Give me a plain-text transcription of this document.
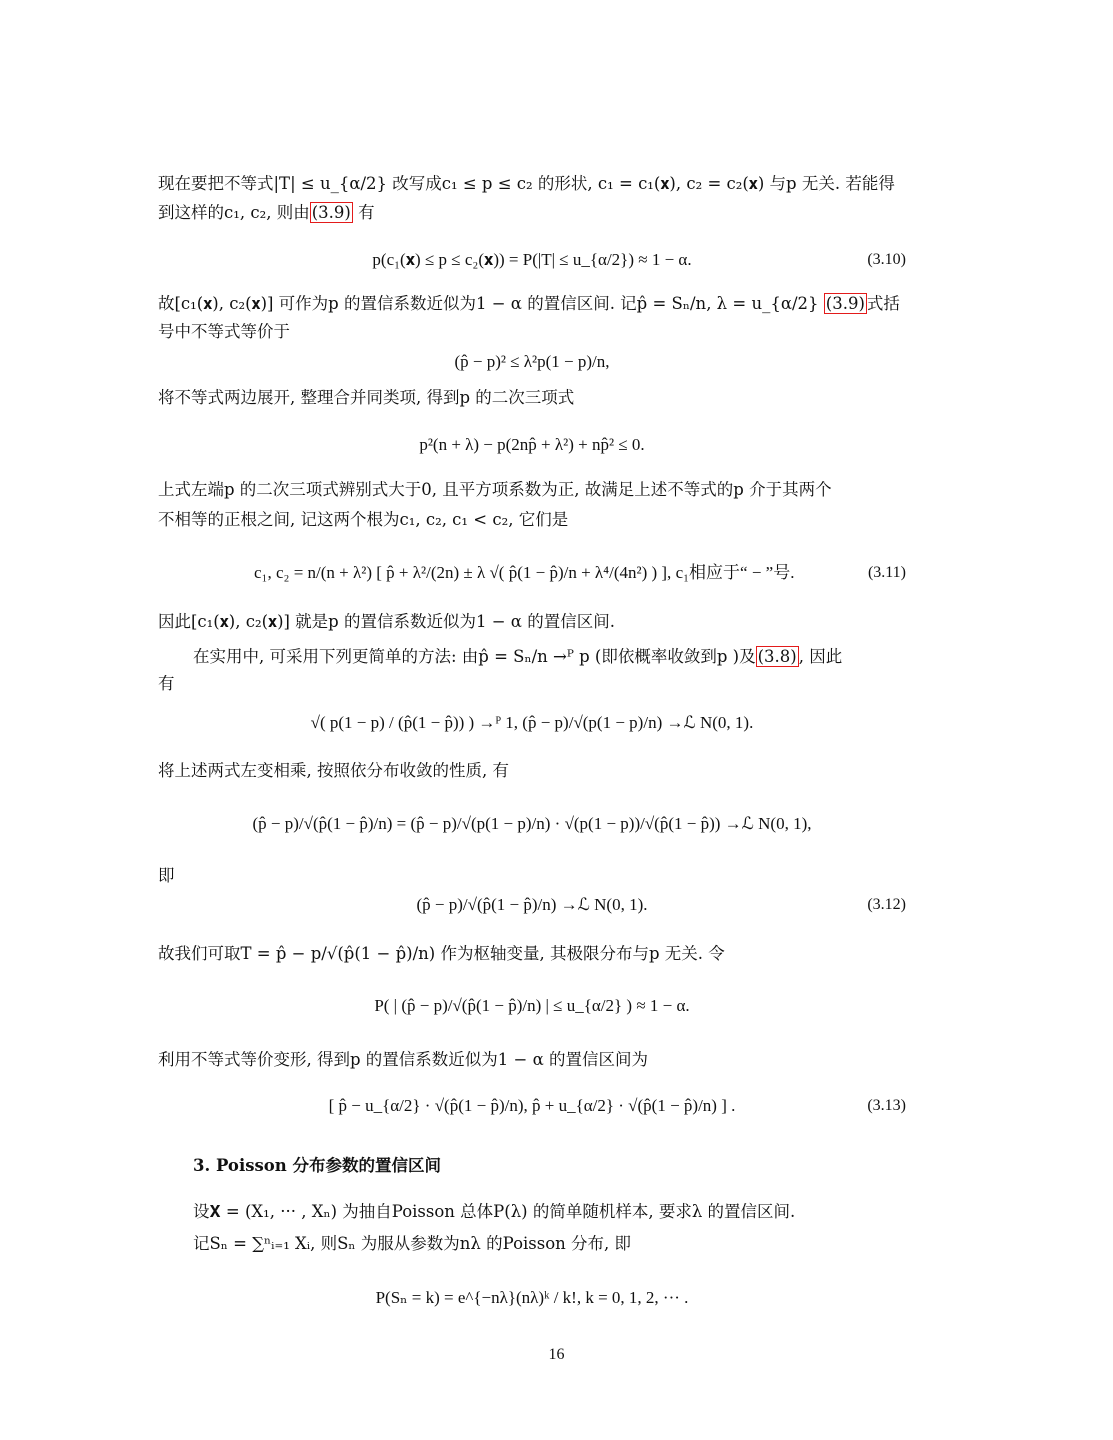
现在要把不等式|T| ≤ u_{α/2} 改写成c₁ ≤ p ≤ c₂ 的形状, c₁ = c₁(𝐱), c₂ = c₂(𝐱) 与p 无关. 若能得
到这样的c₁, c₂, 则由 (3.9) 有
p(c₁(𝐱) ≤ p ≤ c₂(𝐱)) = P(|T| ≤ u_{α/2}) ≈ 1 − α.	(3.10)
故[c₁(𝐱), c₂(𝐱)] 可作为p 的置信系数近似为1 − α 的置信区间. 记p̂ = Sₙ/n, λ = u_{α/2} (3.9) 式括
号中不等式等价于
(p̂ − p)² ≤ λ²p(1 − p)/n,
将不等式两边展开, 整理合并同类项, 得到p 的二次三项式
p²(n + λ) − p(2np̂ + λ²) + np̂² ≤ 0.
上式左端p 的二次三项式辨别式大于0, 且平方项系数为正, 故满足上述不等式的p 介于其两个
不相等的正根之间, 记这两个根为c₁, c₂, c₁ < c₂, 它们是
c₁, c₂ = n/(n + λ²) [ p̂ + λ²/(2n) ± λ √( p̂(1 − p̂)/n + λ⁴/(4n²) ) ], c₁相应于“ − ”号.	(3.11)
因此[c₁(𝐱), c₂(𝐱)] 就是p 的置信系数近似为1 − α 的置信区间.
在实用中, 可采用下列更简单的方法: 由p̂ = Sₙ/n →ᴾ p (即依概率收敛到p )及 (3.8) , 因此
有
√( p(1 − p) / (p̂(1 − p̂)) ) →ᴾ 1, (p̂ − p)/√(p(1 − p)/n) →ℒ N(0, 1).
将上述两式左变相乘, 按照依分布收敛的性质, 有
(p̂ − p)/√(p̂(1 − p̂)/n) = (p̂ − p)/√(p(1 − p)/n) · √(p(1 − p))/√(p̂(1 − p̂)) →ℒ N(0, 1),
即
(p̂ − p)/√(p̂(1 − p̂)/n) →ℒ N(0, 1).	(3.12)
故我们可取T = p̂ − p/√(p̂(1 − p̂)/n) 作为枢轴变量, 其极限分布与p 无关. 令
P( | (p̂ − p)/√(p̂(1 − p̂)/n) | ≤ u_{α/2} ) ≈ 1 − α.
利用不等式等价变形, 得到p 的置信系数近似为1 − α 的置信区间为
[ p̂ − u_{α/2} · √(p̂(1 − p̂)/n), p̂ + u_{α/2} · √(p̂(1 − p̂)/n) ] .	(3.13)
3. Poisson 分布参数的置信区间
设𝐗 = (X₁, ··· , Xₙ) 为抽自Poisson 总体P(λ) 的简单随机样本, 要求λ 的置信区间.
记Sₙ = ∑ⁿᵢ₌₁ Xᵢ, 则Sₙ 为服从参数为nλ 的Poisson 分布, 即
P(Sₙ = k) = e^{−nλ}(nλ)ᵏ / k!, k = 0, 1, 2, ··· .
16
